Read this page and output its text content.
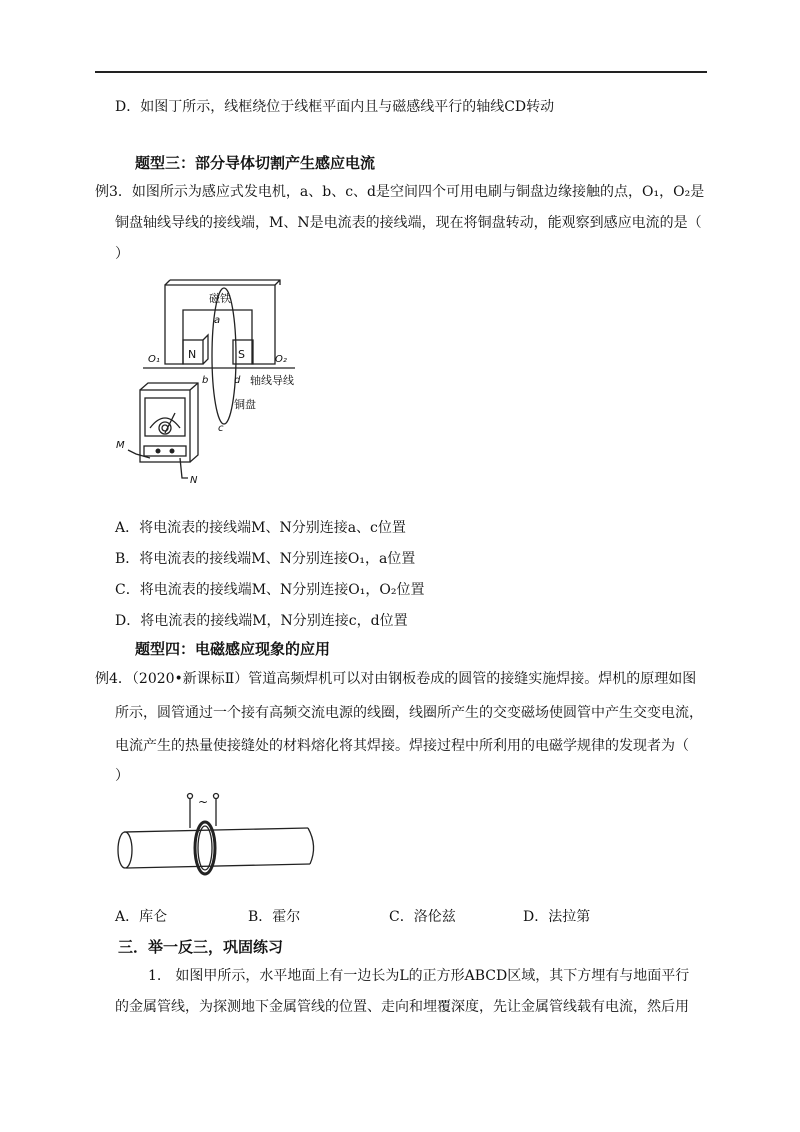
D．如图丁所示，线框绕位于线框平面内且与磁感线平行的轴线CD转动
题型三：部分导体切割产生感应电流
例3．如图所示为感应式发电机，a、b、c、d是空间四个可用电刷与铜盘边缘接触的点，O₁，O₂是
铜盘轴线导线的接线端，M、N是电流表的接线端，现在将铜盘转动，能观察到感应电流的是（
）
磁铁
a
N	S
O₁	O₂
b	d 轴线导线
铜盘
c
M
N
A．将电流表的接线端M、N分别连接a、c位置
B．将电流表的接线端M、N分别连接O₁，a位置
C．将电流表的接线端M、N分别连接O₁，O₂位置
D．将电流表的接线端M，N分别连接c，d位置
题型四：电磁感应现象的应用
例4．（2020•新课标Ⅱ）管道高频焊机可以对由钢板卷成的圆管的接缝实施焊接。焊机的原理如图
所示，圆管通过一个接有高频交流电源的线圈，线圈所产生的交变磁场使圆管中产生交变电流，
电流产生的热量使接缝处的材料熔化将其焊接。焊接过程中所利用的电磁学规律的发现者为（
）
~
A．库仑	B．霍尔	C．洛伦兹	D．法拉第
三．举一反三，巩固练习
1.　如图甲所示，水平地面上有一边长为L的正方形ABCD区域，其下方埋有与地面平行
的金属管线，为探测地下金属管线的位置、走向和埋覆深度，先让金属管线载有电流，然后用
